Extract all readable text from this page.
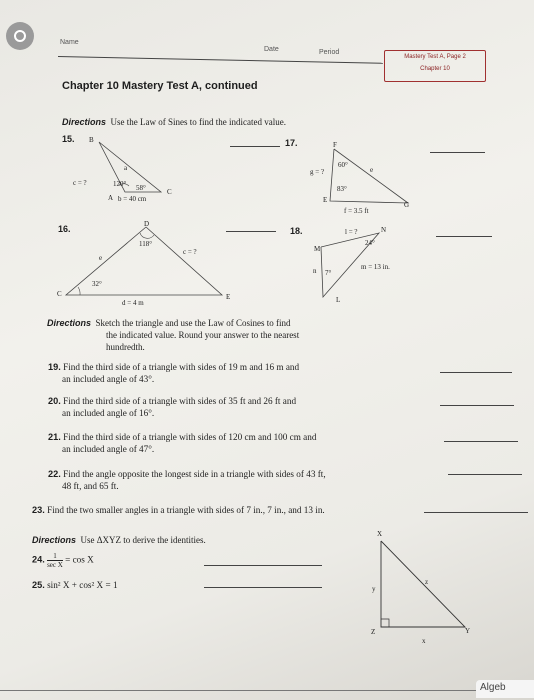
Name
Date	Period
Mastery Test A, Page 2
Chapter 10
Chapter 10 Mastery Test A, continued
Directions Use the Law of Sines to find the indicated value.
15. B
a
c = ?	120° 58°
A b = 40 cm
C
17.	F
g = ?
60°
e
83°
E
G
f = 3.5 ft
16.	D
118°
c = ?
e
32°
C	E
d = 4 m
18.	l = ?	N
24°
M
m = 13 in.
n 7°
L
Directions Sketch the triangle and use the Law of Cosines to find
the indicated value. Round your answer to the nearest
hundredth.
19. Find the third side of a triangle with sides of 19 m and 16 m and
an included angle of 43°.
20. Find the third side of a triangle with sides of 35 ft and 26 ft and
an included angle of 16°.
21. Find the third side of a triangle with sides of 120 cm and 100 cm and
an included angle of 47°.
22. Find the angle opposite the longest side in a triangle with sides of 43 ft,
48 ft, and 65 ft.
23. Find the two smaller angles in a triangle with sides of 7 in., 7 in., and 13 in.
Directions Use ΔXYZ to derive the identities.
24. $\frac{1}{\text{sec X}} = \cos X$
25. sin² X + cos² X = 1
X
y
z
Z
x
Y
Algeb
